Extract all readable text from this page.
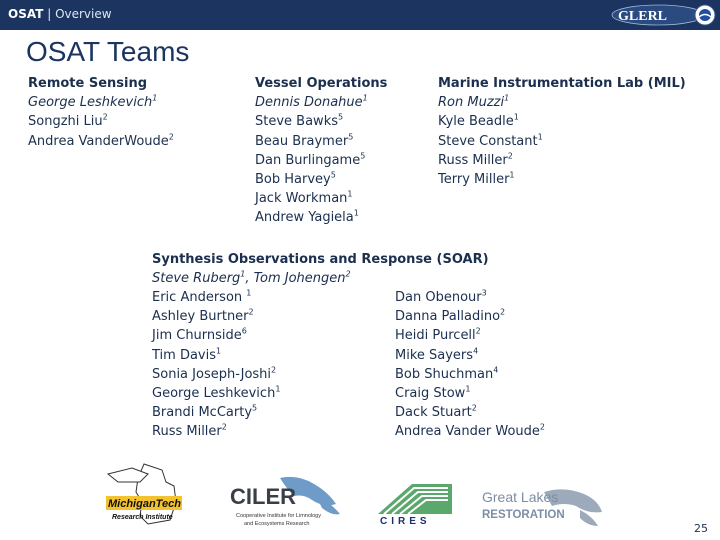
OSAT | Overview	GLERL
OSAT Teams
Remote Sensing
George Leshkevich$^1$
Songzhi Liu$^2$
Andrea VanderWoude$^2$
Vessel Operations
Dennis Donahue$^1$
Steve Bawks$^5$
Beau Braymer$^5$
Dan Burlingame$^5$
Bob Harvey$^5$
Jack Workman$^1$
Andrew Yagiela$^1$
Marine Instrumentation Lab (MIL)
Ron Muzzi$^1$
Kyle Beadle$^1$
Steve Constant$^1$
Russ Miller$^2$
Terry Miller$^1$
Synthesis Observations and Response (SOAR)
Steve Ruberg$^1$, Tom Johengen$^2$
Eric Anderson $^1$
Ashley Burtner$^2$
Jim Churnside$^6$
Tim Davis$^1$
Sonia Joseph-Joshi$^2$
George Leshkevich$^1$
Brandi McCarty$^5$
Russ Miller$^2$
Dan Obenour$^3$
Danna Palladino$^2$
Heidi Purcell$^2$
Mike Sayers$^4$
Bob Shuchman$^4$
Craig Stow$^1$
Dack Stuart$^2$
Andrea Vander Woude$^2$
MichiganTech
Research Institute
CILER
Cooperative Institute for Limnology
and Ecosystems Research	CIRES
Great Lakes
RESTORATION
25
